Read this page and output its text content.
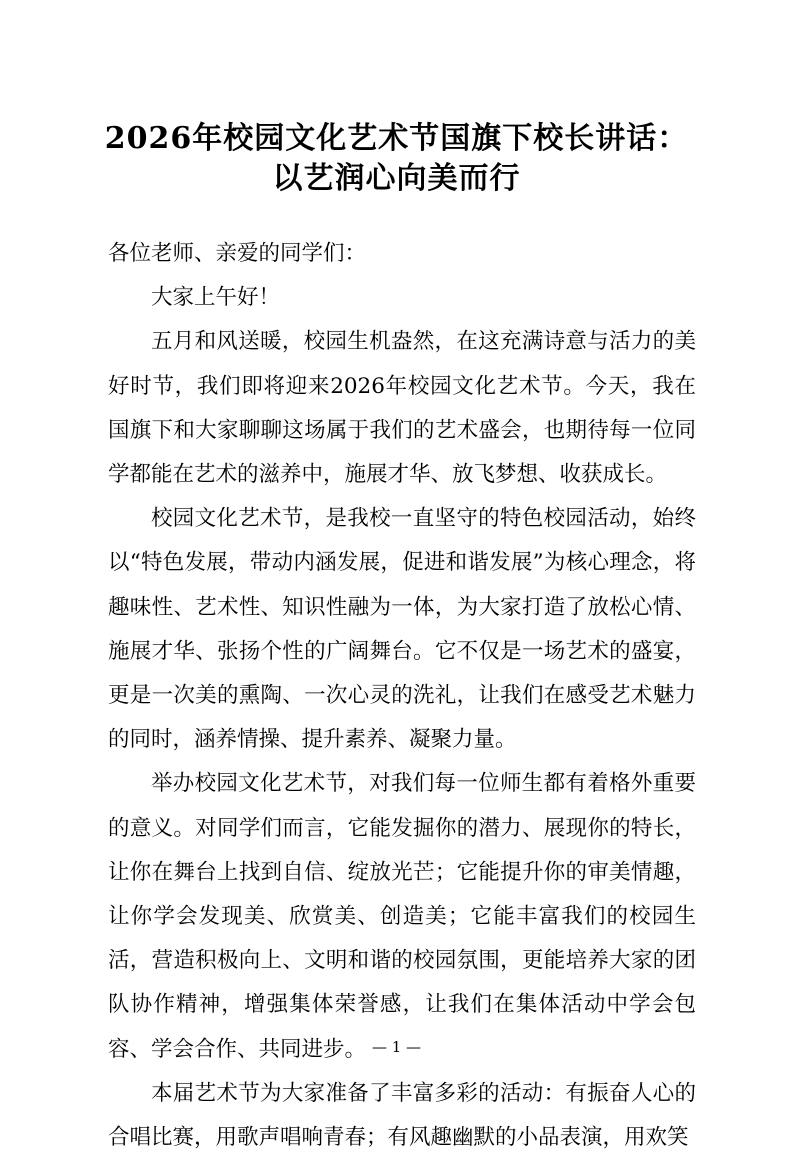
2026年校园文化艺术节国旗下校长讲话：
以艺润心向美而行

各位老师、亲爱的同学们：

大家上午好！

五月和风送暖，校园生机盎然，在这充满诗意与活力的美好时节，我们即将迎来2026年校园文化艺术节。今天，我在国旗下和大家聊聊这场属于我们的艺术盛会，也期待每一位同学都能在艺术的滋养中，施展才华、放飞梦想、收获成长。

校园文化艺术节，是我校一直坚守的特色校园活动，始终以“特色发展，带动内涵发展，促进和谐发展”为核心理念，将趣味性、艺术性、知识性融为一体，为大家打造了放松心情、施展才华、张扬个性的广阔舞台。它不仅是一场艺术的盛宴，更是一次美的熏陶、一次心灵的洗礼，让我们在感受艺术魅力的同时，涵养情操、提升素养、凝聚力量。

举办校园文化艺术节，对我们每一位师生都有着格外重要的意义。对同学们而言，它能发掘你的潜力、展现你的特长，让你在舞台上找到自信、绽放光芒；它能提升你的审美情趣，让你学会发现美、欣赏美、创造美；它能丰富我们的校园生活，营造积极向上、文明和谐的校园氛围，更能培养大家的团队协作精神，增强集体荣誉感，让我们在集体活动中学会包容、学会合作、共同进步。

本届艺术节为大家准备了丰富多彩的活动：有振奋人心的合唱比赛，用歌声唱响青春；有风趣幽默的小品表演，用欢笑

— 1 —
